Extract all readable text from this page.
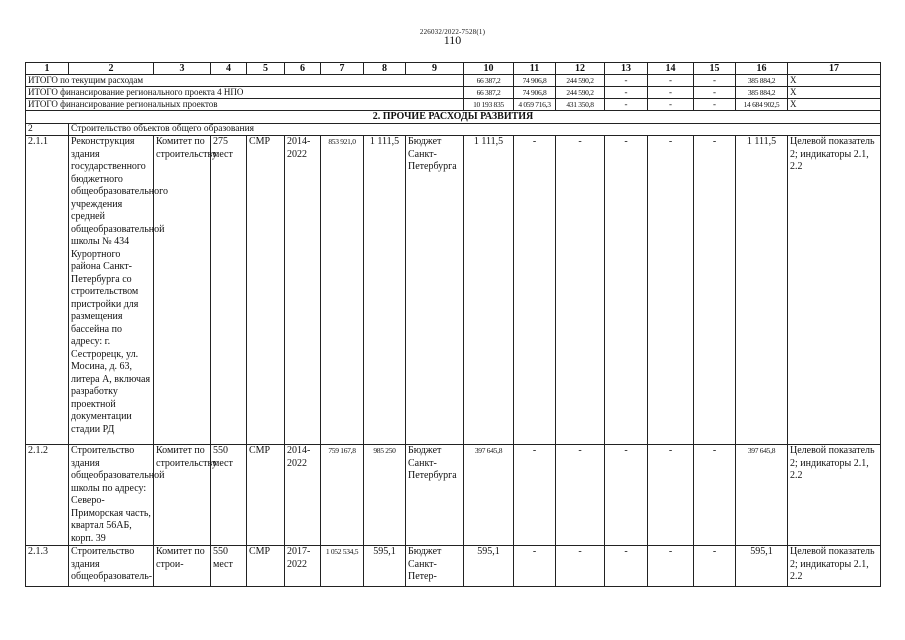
226032/2022-7528(1)
110
1	2	3	4	5	6	7	8	9	10	11	12	13	14	15	16	17
ИТОГО по текущим расходам									66 387,2	74 906,8	244 590,2	-	-	-	385 884,2	Х
ИТОГО финансирование регионального проекта 4 НПО									66 387,2	74 906,8	244 590,2	-	-	-	385 884,2	Х
ИТОГО финансирование региональных проектов									10 193 835	4 059 716,3	431 350,8	-	-	-	14 684 902,5	Х
2. ПРОЧИЕ РАСХОДЫ РАЗВИТИЯ																
2	Строительство объектов общего образования															
2.1.1	Реконструкция здания государственного бюджетного общеобразовательного учреждения средней общеобразовательной школы № 434 Курортного района Санкт-Петербурга со строительством пристройки для размещения бассейна по адресу: г. Сестрорецк, ул. Мосина, д. 63, литера А, включая разработку проектной документации стадии РД	Комитет по строительству	275 мест	СМР	2014-2022	853 921,0	1 111,5	Бюджет Санкт-Петербурга	1 111,5	-	-	-	-	-	1 111,5	Целевой показатель 2; индикаторы 2.1, 2.2
2.1.2	Строительство здания общеобразовательной школы по адресу: Северо-Приморская часть, квартал 56АБ, корп. 39	Комитет по строительству	550 мест	СМР	2014-2022	759 167,8	985 250	Бюджет Санкт-Петербурга	397 645,8	-	-	-	-	-	397 645,8	Целевой показатель 2; индикаторы 2.1, 2.2
2.1.3	Строительство здания общеобразователь-	Комитет по строи-	550 мест	СМР	2017-2022	1 052 534,5	595,1	Бюджет Санкт-Петер-	595,1	-	-	-	-	-	595,1	Целевой показатель 2; индикаторы 2.1, 2.2
